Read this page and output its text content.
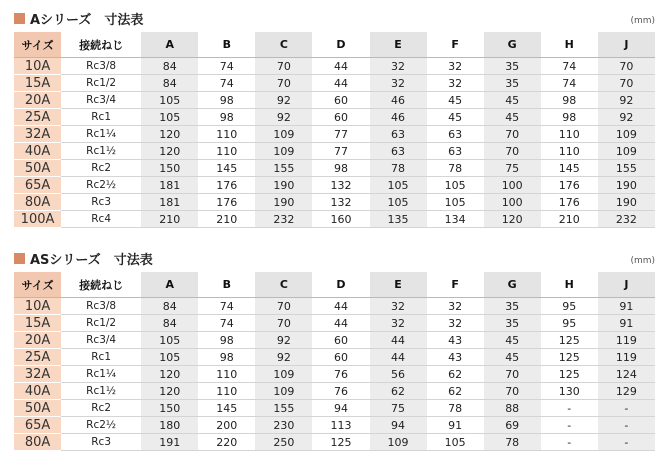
Aシリーズ　寸法表	(mm)
サイズ	接続ねじ	A	B	C	D	E	F	G	H	J
10A	Rc3/8	84	74	70	44	32	32	35	74	70
15A	Rc1/2	84	74	70	44	32	32	35	74	70
20A	Rc3/4	105	98	92	60	46	45	45	98	92
25A	Rc1	105	98	92	60	46	45	45	98	92
32A	Rc1¼	120	110	109	77	63	63	70	110	109
40A	Rc1½	120	110	109	77	63	63	70	110	109
50A	Rc2	150	145	155	98	78	78	75	145	155
65A	Rc2½	181	176	190	132	105	105	100	176	190
80A	Rc3	181	176	190	132	105	105	100	176	190
100A	Rc4	210	210	232	160	135	134	120	210	232
ASシリーズ　寸法表	(mm)
サイズ	接続ねじ	A	B	C	D	E	F	G	H	J
10A	Rc3/8	84	74	70	44	32	32	35	95	91
15A	Rc1/2	84	74	70	44	32	32	35	95	91
20A	Rc3/4	105	98	92	60	44	43	45	125	119
25A	Rc1	105	98	92	60	44	43	45	125	119
32A	Rc1¼	120	110	109	76	56	62	70	125	124
40A	Rc1½	120	110	109	76	62	62	70	130	129
50A	Rc2	150	145	155	94	75	78	88	-	-
65A	Rc2½	180	200	230	113	94	91	69	-	-
80A	Rc3	191	220	250	125	109	105	78	-	-
